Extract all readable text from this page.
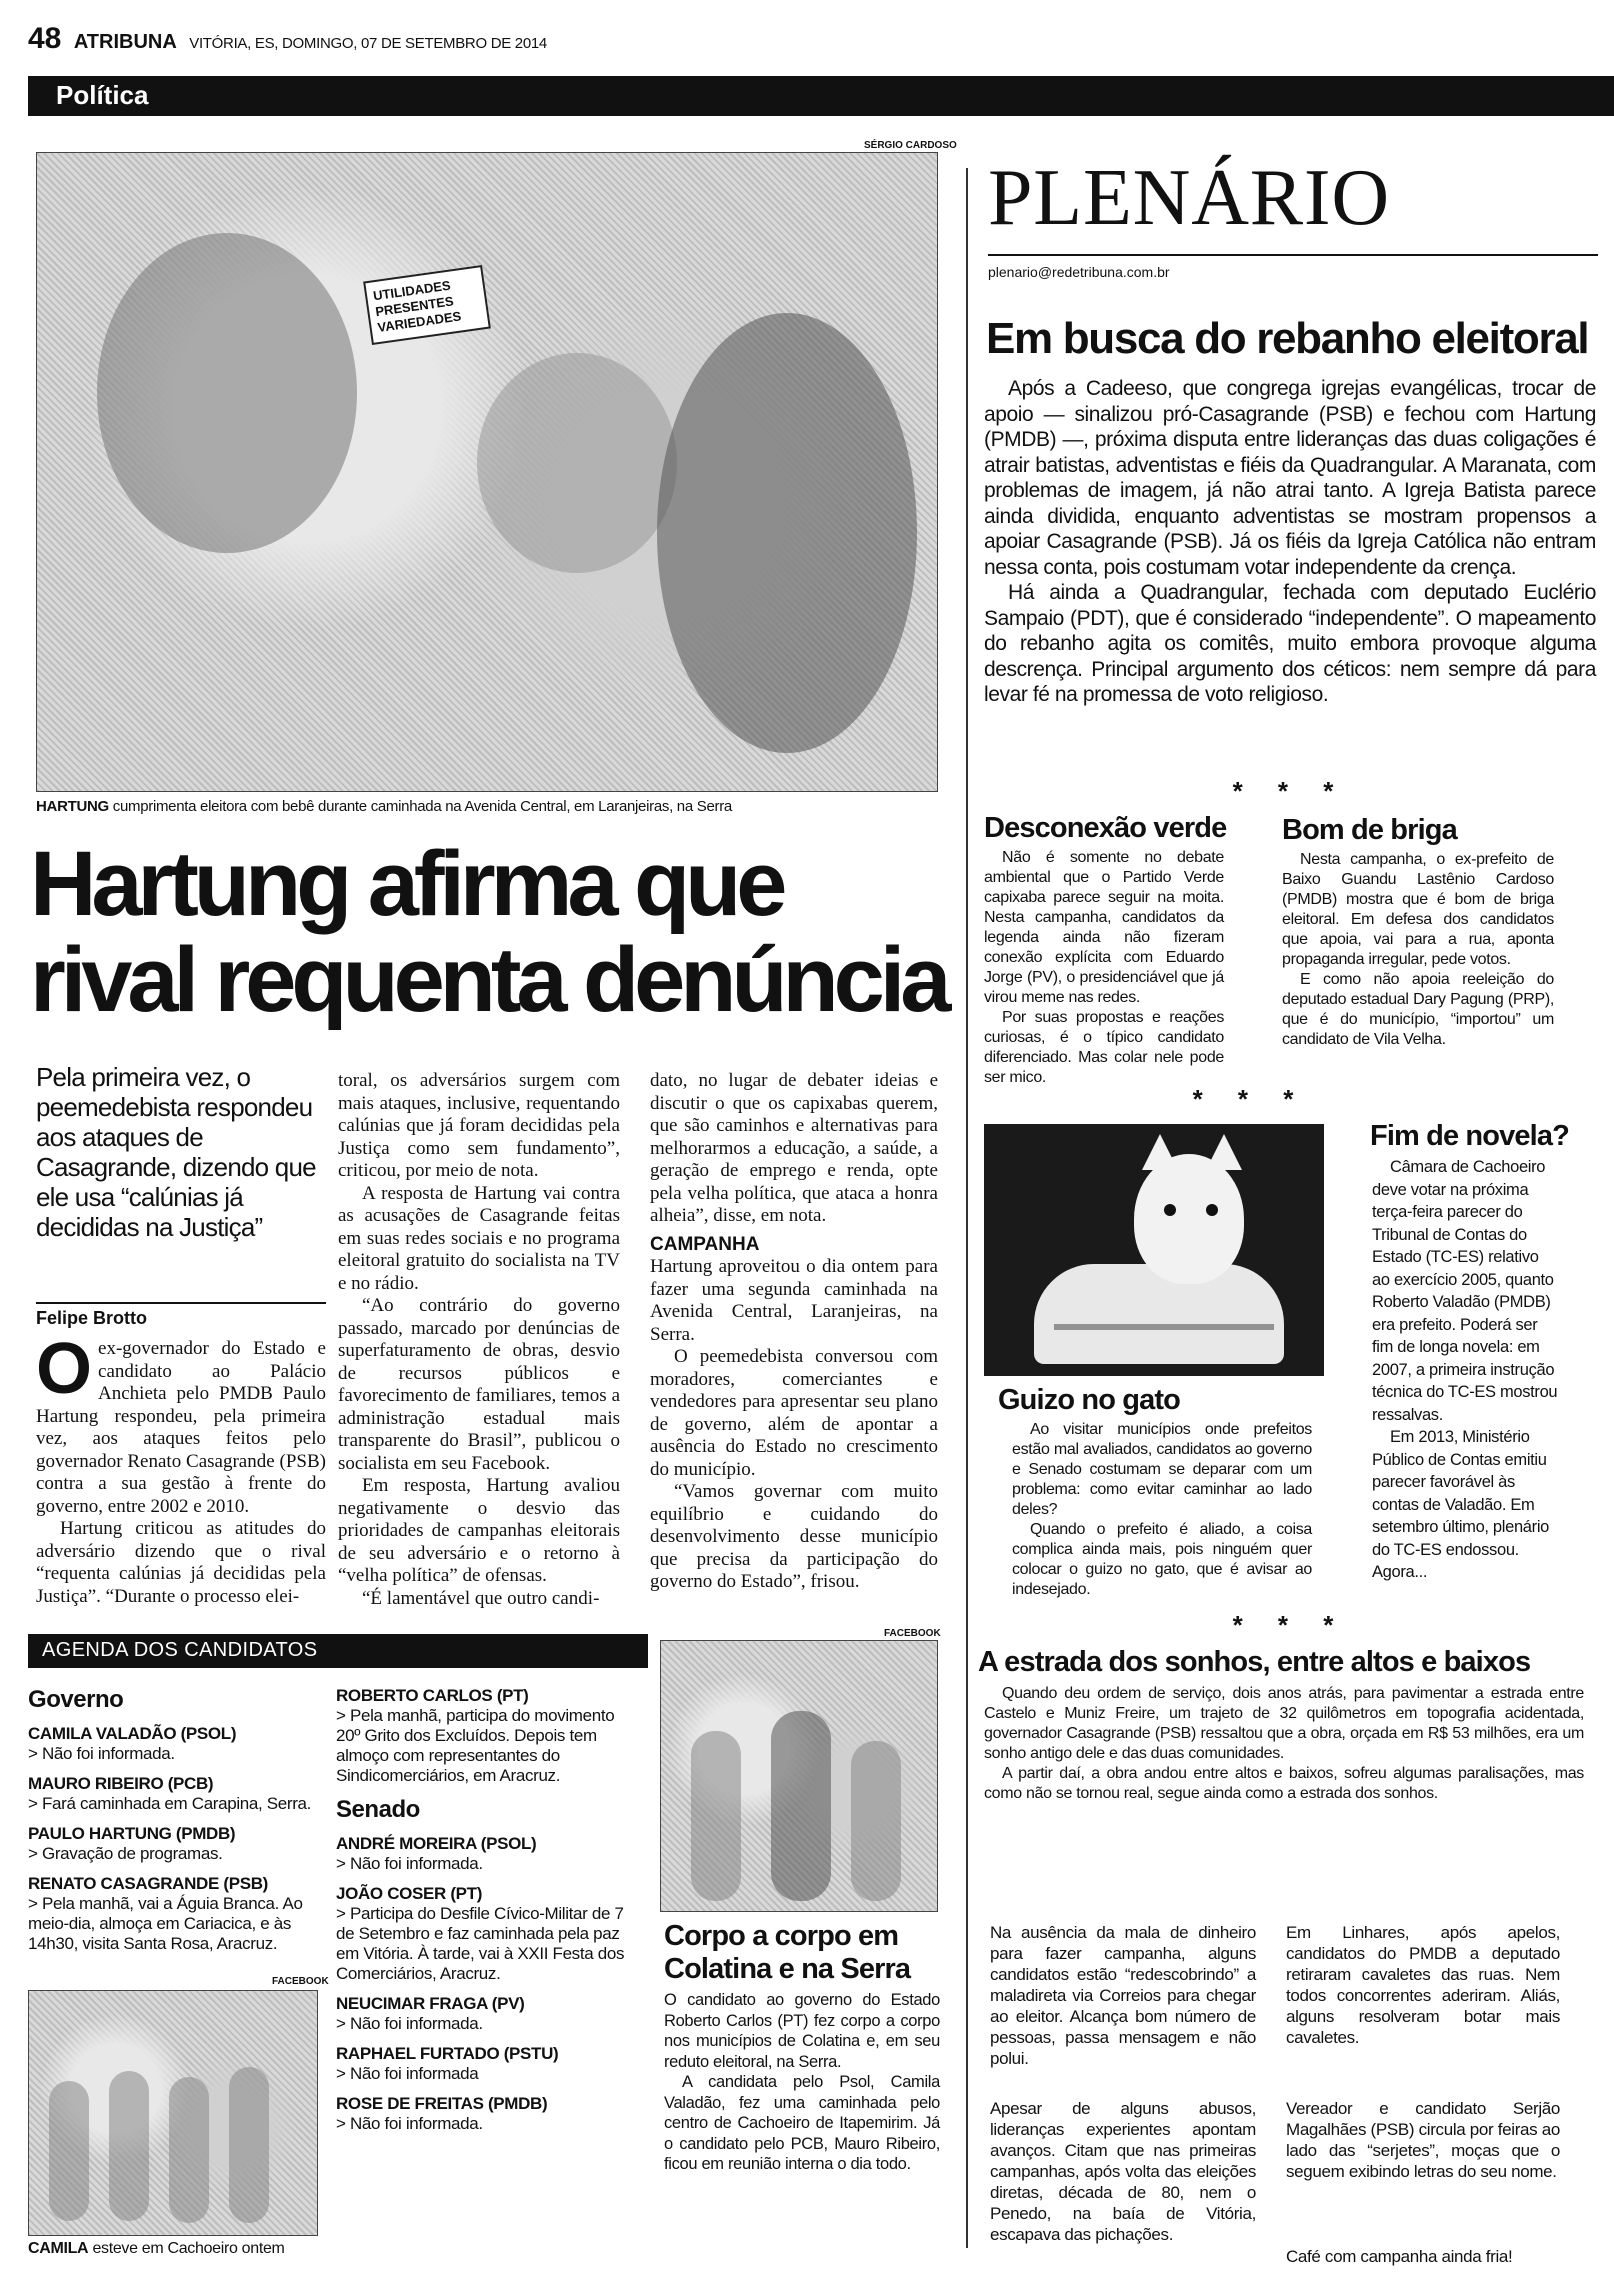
48 ATRIBUNA VITÓRIA, ES, DOMINGO, 07 DE SETEMBRO DE 2014
Política
SÉRGIO CARDOSO
UTILIDADES PRESENTES VARIEDADES
HARTUNG cumprimenta eleitora com bebê durante caminhada na Avenida Central, em Laranjeiras, na Serra
Hartung afirma que
rival requenta denúncia
Pela primeira vez, o peemedebista respondeu aos ataques de Casagrande, dizendo que ele usa “calúnias já decididas na Justiça”
Felipe Brotto

Oex-governador do Estado e candidato ao Palácio Anchieta pelo PMDB Paulo Hartung respondeu, pela primeira vez, aos ataques feitos pelo governador Renato Casagrande (PSB) contra a sua gestão à frente do governo, entre 2002 e 2010.

Hartung criticou as atitudes do adversário dizendo que o rival “requenta calúnias já decididas pela Justiça”. “Durante o processo elei-

toral, os adversários surgem com mais ataques, inclusive, requentando calúnias que já foram decididas pela Justiça como sem fundamento”, criticou, por meio de nota.

A resposta de Hartung vai contra as acusações de Casagrande feitas em suas redes sociais e no programa eleitoral gratuito do socialista na TV e no rádio.

“Ao contrário do governo passado, marcado por denúncias de superfaturamento de obras, desvio de recursos públicos e favorecimento de familiares, temos a administração estadual mais transparente do Brasil”, publicou o socialista em seu Facebook.

Em resposta, Hartung avaliou negativamente o desvio das prioridades de campanhas eleitorais de seu adversário e o retorno à “velha política” de ofensas.

“É lamentável que outro candi-

dato, no lugar de debater ideias e discutir o que os capixabas querem, que são caminhos e alternativas para melhorarmos a educação, a saúde, a geração de emprego e renda, opte pela velha política, que ataca a honra alheia”, disse, em nota.

CAMPANHA

Hartung aproveitou o dia ontem para fazer uma segunda caminhada na Avenida Central, Laranjeiras, na Serra.

O peemedebista conversou com moradores, comerciantes e vendedores para apresentar seu plano de governo, além de apontar a ausência do Estado no crescimento do município.

“Vamos governar com muito equilíbrio e cuidando do desenvolvimento desse município que precisa da participação do governo do Estado”, frisou.

AGENDA DOS CANDIDATOS
Governo
CAMILA VALADÃO (PSOL)
> Não foi informada.
MAURO RIBEIRO (PCB)
> Fará caminhada em Carapina, Serra.
PAULO HARTUNG (PMDB)
> Gravação de programas.
RENATO CASAGRANDE (PSB)
> Pela manhã, vai a Águia Branca. Ao meio-dia, almoça em Cariacica, e às 14h30, visita Santa Rosa, Aracruz.
FACEBOOK
CAMILA esteve em Cachoeiro ontem
ROBERTO CARLOS (PT)
> Pela manhã, participa do movimento 20º Grito dos Excluídos. Depois tem almoço com representantes do Sindicomerciários, em Aracruz.
Senado
ANDRÉ MOREIRA (PSOL)
> Não foi informada.
JOÃO COSER (PT)
> Participa do Desfile Cívico-Militar de 7 de Setembro e faz caminhada pela paz em Vitória. À tarde, vai à XXII Festa dos Comerciários, Aracruz.
NEUCIMAR FRAGA (PV)
> Não foi informada.
RAPHAEL FURTADO (PSTU)
> Não foi informada
ROSE DE FREITAS (PMDB)
> Não foi informada.
FACEBOOK
Corpo a corpo em Colatina e na Serra

O candidato ao governo do Estado Roberto Carlos (PT) fez corpo a corpo nos municípios de Colatina e, em seu reduto eleitoral, na Serra.

A candidata pelo Psol, Camila Valadão, fez uma caminhada pelo centro de Cachoeiro de Itapemirim. Já o candidato pelo PCB, Mauro Ribeiro, ficou em reunião interna o dia todo.

PLENÁRIO
plenario@redetribuna.com.br
Em busca do rebanho eleitoral

Após a Cadeeso, que congrega igrejas evangélicas, trocar de apoio — sinalizou pró-Casagrande (PSB) e fechou com Hartung (PMDB) —, próxima disputa entre lideranças das duas coligações é atrair batistas, adventistas e fiéis da Quadrangular. A Maranata, com problemas de imagem, já não atrai tanto. A Igreja Batista parece ainda dividida, enquanto adventistas se mostram propensos a apoiar Casagrande (PSB). Já os fiéis da Igreja Católica não entram nessa conta, pois costumam votar independente da crença.

Há ainda a Quadrangular, fechada com deputado Euclério Sampaio (PDT), que é considerado “independente”. O mapeamento do rebanho agita os comitês, muito embora provoque alguma descrença. Principal argumento dos céticos: nem sempre dá para levar fé na promessa de voto religioso.

* * *
Desconexão verde

Não é somente no debate ambiental que o Partido Verde capixaba parece seguir na moita. Nesta campanha, candidatos da legenda ainda não fizeram conexão explícita com Eduardo Jorge (PV), o presidenciável que já virou meme nas redes.

Por suas propostas e reações curiosas, é o típico candidato diferenciado. Mas colar nele pode ser mico.

Bom de briga

Nesta campanha, o ex-prefeito de Baixo Guandu Lastênio Cardoso (PMDB) mostra que é bom de briga eleitoral. Em defesa dos candidatos que apoia, vai para a rua, aponta propaganda irregular, pede votos.

E como não apoia reeleição do deputado estadual Dary Pagung (PRP), que é do município, “importou” um candidato de Vila Velha.

* * *
Guizo no gato

Ao visitar municípios onde prefeitos estão mal avaliados, candidatos ao governo e Senado costumam se deparar com um problema: como evitar caminhar ao lado deles?

Quando o prefeito é aliado, a coisa complica ainda mais, pois ninguém quer colocar o guizo no gato, que é avisar ao indesejado.

Fim de novela?

Câmara de Cachoeiro deve votar na próxima terça-feira parecer do Tribunal de Contas do Estado (TC-ES) relativo ao exercício 2005, quanto Roberto Valadão (PMDB) era prefeito. Poderá ser fim de longa novela: em 2007, a primeira instrução técnica do TC-ES mostrou ressalvas.

Em 2013, Ministério Público de Contas emitiu parecer favorável às contas de Valadão. Em setembro último, plenário do TC-ES endossou. Agora...

* * *
A estrada dos sonhos, entre altos e baixos

Quando deu ordem de serviço, dois anos atrás, para pavimentar a estrada entre Castelo e Muniz Freire, um trajeto de 32 quilômetros em topografia acidentada, governador Casagrande (PSB) ressaltou que a obra, orçada em R$ 53 milhões, era um sonho antigo dele e das duas comunidades.

A partir daí, a obra andou entre altos e baixos, sofreu algumas paralisações, mas como não se tornou real, segue ainda como a estrada dos sonhos.

Na ausência da mala de dinheiro para fazer campanha, alguns candidatos estão “redescobrindo” a maladireta via Correios para chegar ao eleitor. Alcança bom número de pessoas, passa mensagem e não polui.
Apesar de alguns abusos, lideranças experientes apontam avanços. Citam que nas primeiras campanhas, após volta das eleições diretas, década de 80, nem o Penedo, na baía de Vitória, escapava das pichações.
Em Linhares, após apelos, candidatos do PMDB a deputado retiraram cavaletes das ruas. Nem todos concorrentes aderiram. Aliás, alguns resolveram botar mais cavaletes.
Vereador e candidato Serjão Magalhães (PSB) circula por feiras ao lado das “serjetes”, moças que o seguem exibindo letras do seu nome.
Café com campanha ainda fria!
